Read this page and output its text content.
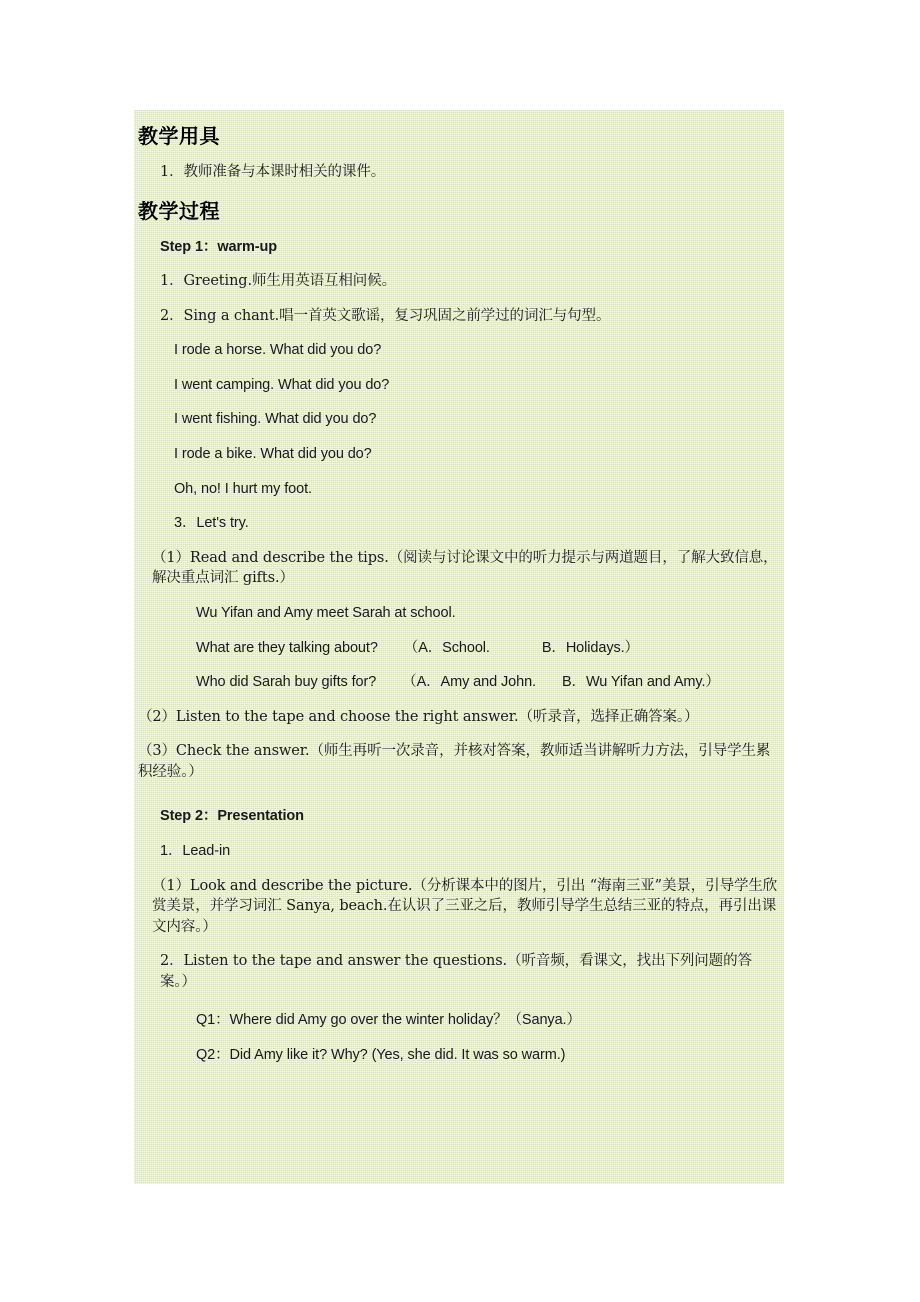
教学用具

1．教师准备与本课时相关的课件。

教学过程

Step 1：warm-up

1．Greeting.师生用英语互相问候。

2．Sing a chant.唱一首英文歌谣，复习巩固之前学过的词汇与句型。

I rode a horse. What did you do?

I went camping. What did you do?

I went fishing. What did you do?

I rode a bike. What did you do?

Oh, no! I hurt my foot.

3．Let's try.

（1）Read and describe the tips.（阅读与讨论课文中的听力提示与两道题目，了解大致信息，解决重点词汇 gifts.）

Wu Yifan and Amy meet Sarah at school.

What are they talking about? （A．School.	B．Holidays.）

Who did Sarah buy gifts for? （A．Amy and John. B．Wu Yifan and Amy.）

（2）Listen to the tape and choose the right answer.（听录音，选择正确答案。）

（3）Check the answer.（师生再听一次录音，并核对答案，教师适当讲解听力方法，引导学生累积经验。）

Step 2：Presentation

1．Lead-in

（1）Look and describe the picture.（分析课本中的图片，引出 “海南三亚”美景，引导学生欣赏美景，并学习词汇 Sanya, beach.在认识了三亚之后，教师引导学生总结三亚的特点，再引出课文内容。）

2．Listen to the tape and answer the questions.（听音频，看课文，找出下列问题的答案。）

Q1：Where did Amy go over the winter holiday？（Sanya.）

Q2：Did Amy like it? Why? (Yes, she did. It was so warm.)
